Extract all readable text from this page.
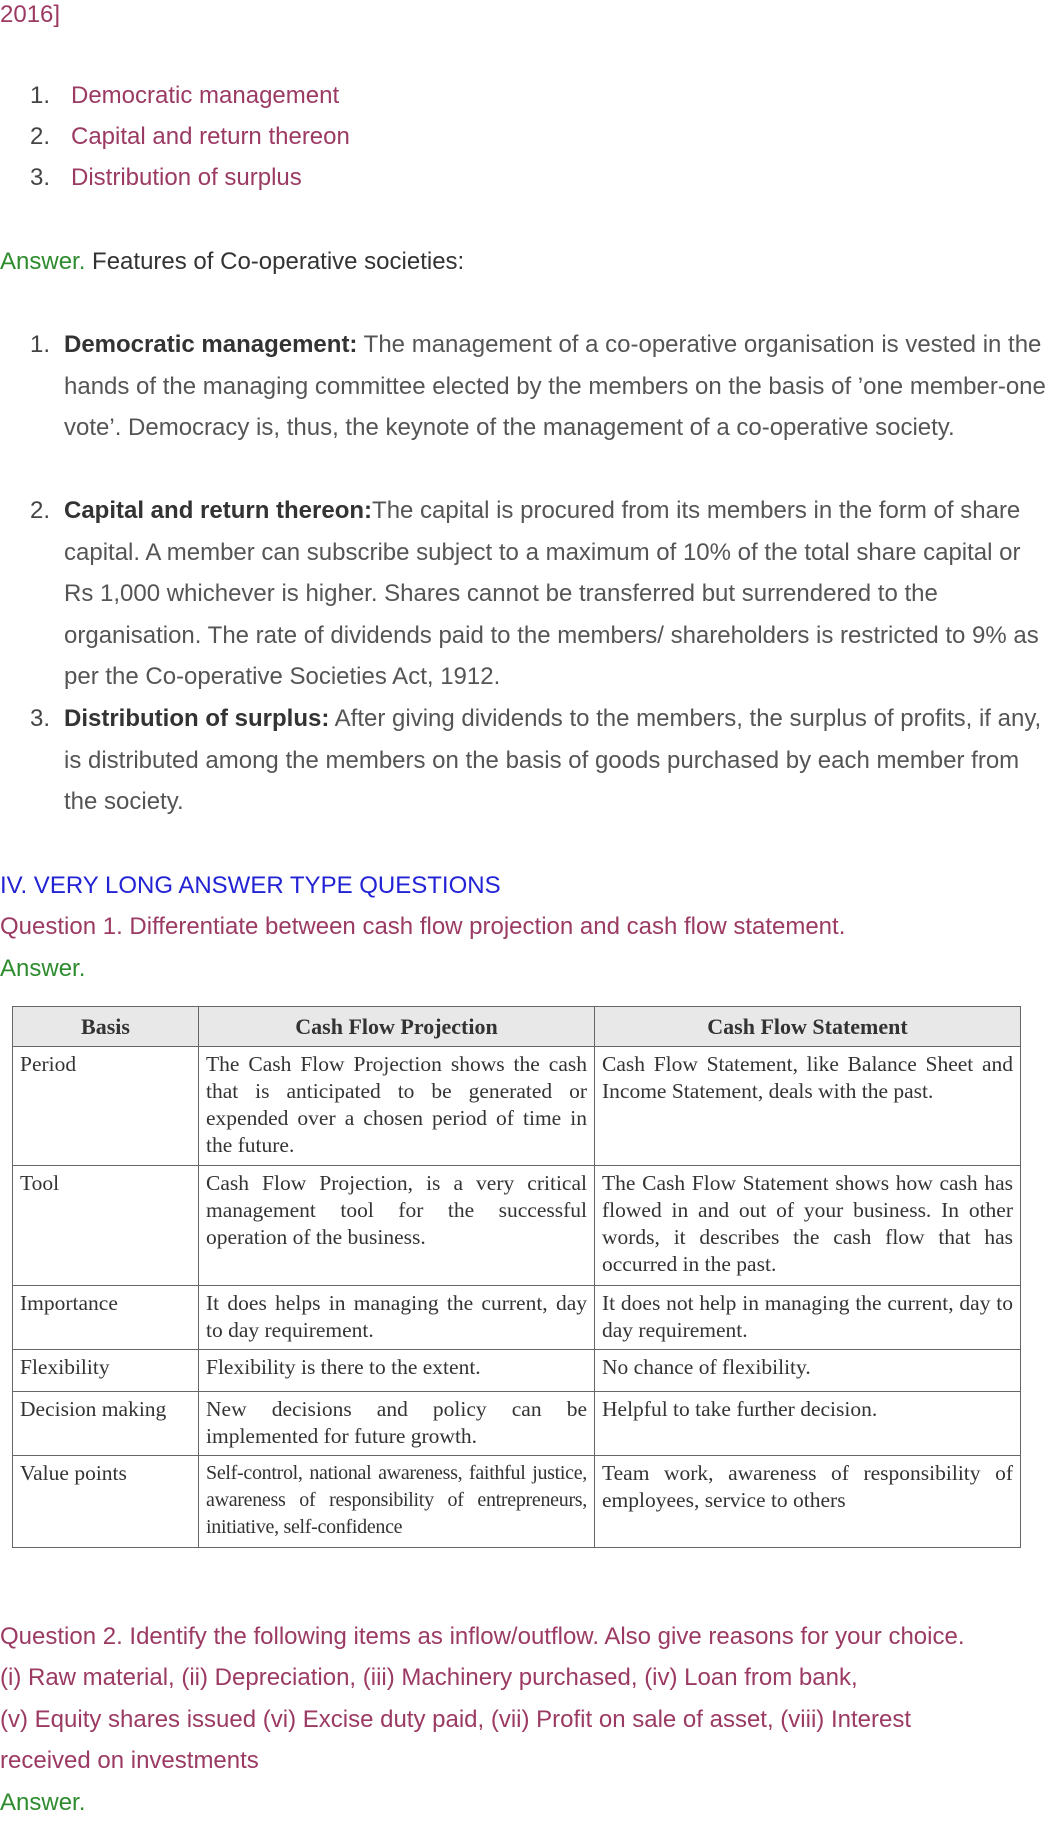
2016]
1. Democratic management
2. Capital and return thereon
3. Distribution of surplus
Answer. Features of Co-operative societies:
1. Democratic management: The management of a co-operative organisation is vested in the hands of the managing committee elected by the members on the basis of ’one member-one vote’. Democracy is, thus, the keynote of the management of a co-operative society.
2. Capital and return thereon:The capital is procured from its members in the form of share capital. A member can subscribe subject to a maximum of 10% of the total share capital or Rs 1,000 whichever is higher. Shares cannot be transferred but surrendered to the organisation. The rate of dividends paid to the members/ shareholders is restricted to 9% as per the Co-operative Societies Act, 1912.
3. Distribution of surplus: After giving dividends to the members, the surplus of profits, if any, is distributed among the members on the basis of goods purchased by each member from the society.
IV. VERY LONG ANSWER TYPE QUESTIONS
Question 1. Differentiate between cash flow projection and cash flow statement.
Answer.
Basis	Cash Flow Projection	Cash Flow Statement
Period	The Cash Flow Projection shows the cash that is anticipated to be generated or expended over a chosen period of time in the future.	Cash Flow Statement, like Balance Sheet and Income Statement, deals with the past.
Tool	Cash Flow Projection, is a very critical management tool for the successful operation of the business.	The Cash Flow Statement shows how cash has flowed in and out of your business. In other words, it describes the cash flow that has occurred in the past.
Importance	It does helps in managing the current, day to day requirement.	It does not help in managing the current, day to day requirement.
Flexibility	Flexibility is there to the extent.	No chance of flexibility.
Decision making	New decisions and policy can be implemented for future growth.	Helpful to take further decision.
Value points	Self-control, national awareness, faithful justice, awareness of responsibility of entrepreneurs, initiative, self-confidence	Team work, awareness of responsibility of employees, service to others
Question 2. Identify the following items as inflow/outflow. Also give reasons for your choice.
(i) Raw material, (ii) Depreciation, (iii) Machinery purchased, (iv) Loan from bank,
(v) Equity shares issued (vi) Excise duty paid, (vii) Profit on sale of asset, (viii) Interest
received on investments
Answer.
